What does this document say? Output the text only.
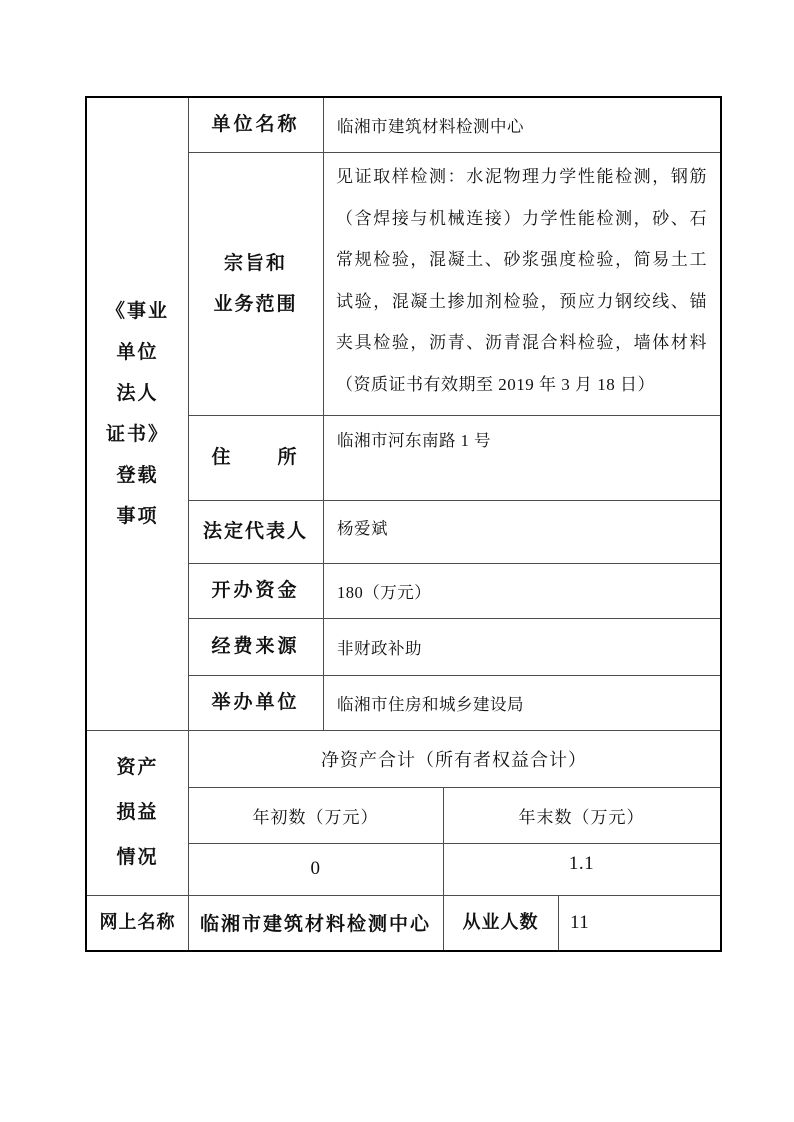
《事业
单位
法人
证书》
登载
事项
单位名称 临湘市建筑材料检测中心
宗旨和
业务范围
见证取样检测：水泥物理力学性能检测，钢筋
（含焊接与机械连接）力学性能检测，砂、石
常规检验，混凝土、砂浆强度检验，简易土工
试验，混凝土掺加剂检验，预应力钢绞线、锚
夹具检验，沥青、沥青混合料检验，墙体材料
（资质证书有效期至 2019 年 3 月 18 日）
住　　所
临湘市河东南路 1 号
法定代表人 杨爱斌
开办资金 180（万元）
经费来源 非财政补助
举办单位 临湘市住房和城乡建设局
资产
损益
情况
净资产合计（所有者权益合计）
年初数（万元）	年末数（万元）
0	1.1
网上名称 临湘市建筑材料检测中心 从业人数 11
